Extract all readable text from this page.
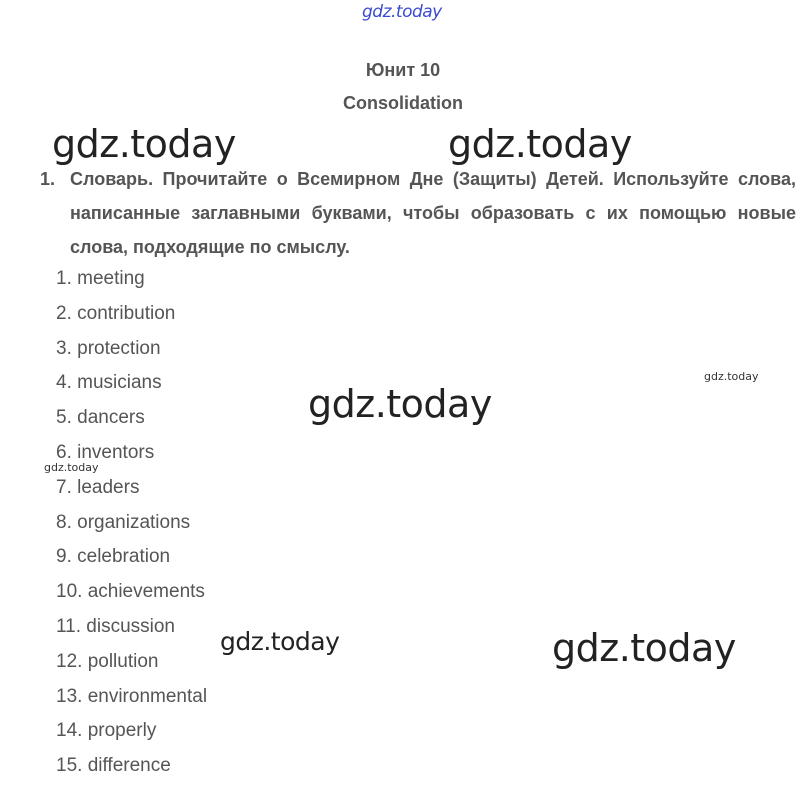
gdz.today
gdz.today	gdz.today
gdz.today
gdz.today
gdz.today
gdz.today
gdz.today
Юнит 10
Consolidation
1. Словарь. Прочитайте о Всемирном Дне (Защиты) Детей. Используйте слова, написанные заглавными буквами, чтобы образовать с их помощью новые слова, подходящие по смыслу.
1. meeting
2. contribution
3. protection
4. musicians
5. dancers
6. inventors
7. leaders
8. organizations
9. celebration
10. achievements
11. discussion
12. pollution
13. environmental
14. properly
15. difference
